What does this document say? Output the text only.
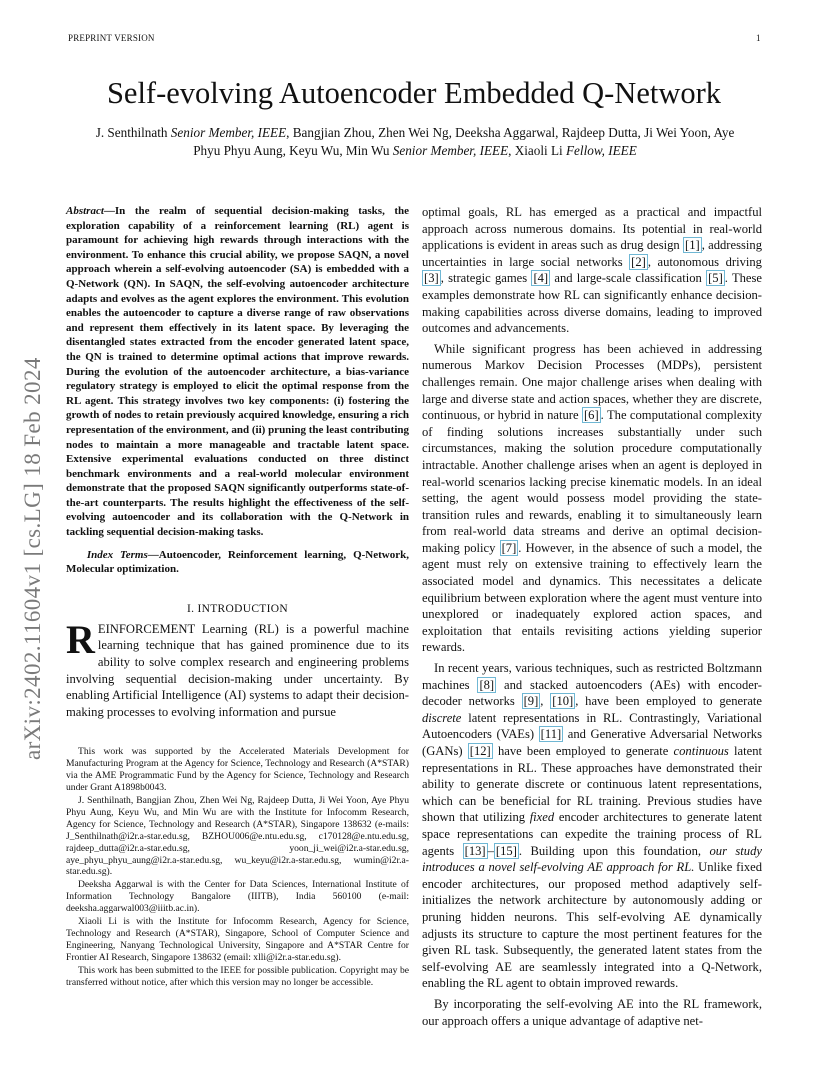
PREPRINT VERSION	1
arXiv:2402.11604v1 [cs.LG] 18 Feb 2024
Self-evolving Autoencoder Embedded Q-Network
J. Senthilnath Senior Member, IEEE, Bangjian Zhou, Zhen Wei Ng, Deeksha Aggarwal, Rajdeep Dutta, Ji Wei Yoon, Aye Phyu Phyu Aung, Keyu Wu, Min Wu Senior Member, IEEE, Xiaoli Li Fellow, IEEE

Abstract—In the realm of sequential decision-making tasks, the exploration capability of a reinforcement learning (RL) agent is paramount for achieving high rewards through interactions with the environment. To enhance this crucial ability, we propose SAQN, a novel approach wherein a self-evolving autoencoder (SA) is embedded with a Q-Network (QN). In SAQN, the self-evolving autoencoder architecture adapts and evolves as the agent explores the environment. This evolution enables the autoencoder to capture a diverse range of raw observations and represent them effectively in its latent space. By leveraging the disentangled states extracted from the encoder generated latent space, the QN is trained to determine optimal actions that improve rewards. During the evolution of the autoencoder architecture, a bias-variance regulatory strategy is employed to elicit the optimal response from the RL agent. This strategy involves two key components: (i) fostering the growth of nodes to retain previously acquired knowledge, ensuring a rich representation of the environment, and (ii) pruning the least contributing nodes to maintain a more manageable and tractable latent space. Extensive experimental evaluations conducted on three distinct benchmark environments and a real-world molecular environment demonstrate that the proposed SAQN significantly outperforms state-of-the-art counterparts. The results highlight the effectiveness of the self-evolving autoencoder and its collaboration with the Q-Network in tackling sequential decision-making tasks.

Index Terms—Autoencoder, Reinforcement learning, Q-Network, Molecular optimization.

I. INTRODUCTION

REINFORCEMENT Learning (RL) is a powerful machine learning technique that has gained prominence due to its ability to solve complex research and engineering problems involving sequential decision-making under uncertainty. By enabling Artificial Intelligence (AI) systems to adapt their decision-making processes to evolving information and pursue

This work was supported by the Accelerated Materials Development for Manufacturing Program at the Agency for Science, Technology and Research (A*STAR) via the AME Programmatic Fund by the Agency for Science, Technology and Research under Grant A1898b0043.

J. Senthilnath, Bangjian Zhou, Zhen Wei Ng, Rajdeep Dutta, Ji Wei Yoon, Aye Phyu Phyu Aung, Keyu Wu, and Min Wu are with the Institute for Infocomm Research, Agency for Science, Technology and Research (A*STAR), Singapore 138632 (e-mails: J_Senthilnath@i2r.a-star.edu.sg, BZHOU006@e.ntu.edu.sg, c170128@e.ntu.edu.sg, rajdeep_dutta@i2r.a-star.edu.sg, yoon_ji_wei@i2r.a-star.edu.sg, aye_phyu_phyu_aung@i2r.a-star.edu.sg, wu_keyu@i2r.a-star.edu.sg, wumin@i2r.a-star.edu.sg).

Deeksha Aggarwal is with the Center for Data Sciences, International Institute of Information Technology Bangalore (IIITB), India 560100 (e-mail: deeksha.aggarwal003@iiitb.ac.in).

Xiaoli Li is with the Institute for Infocomm Research, Agency for Science, Technology and Research (A*STAR), Singapore, School of Computer Science and Engineering, Nanyang Technological University, Singapore and A*STAR Centre for Frontier AI Research, Singapore 138632 (email: xlli@i2r.a-star.edu.sg).

This work has been submitted to the IEEE for possible publication. Copyright may be transferred without notice, after which this version may no longer be accessible.

optimal goals, RL has emerged as a practical and impactful approach across numerous domains. Its potential in real-world applications is evident in areas such as drug design [1] , addressing uncertainties in large social networks [2] , autonomous driving [3] , strategic games [4] and large-scale classification [5] . These examples demonstrate how RL can significantly enhance decision-making capabilities across diverse domains, leading to improved outcomes and advancements.

While significant progress has been achieved in addressing numerous Markov Decision Processes (MDPs), persistent challenges remain. One major challenge arises when dealing with large and diverse state and action spaces, whether they are discrete, continuous, or hybrid in nature [6] . The computational complexity of finding solutions increases substantially under such circumstances, making the solution procedure computationally intractable. Another challenge arises when an agent is deployed in real-world scenarios lacking precise kinematic models. In an ideal setting, the agent would possess model providing the state-transition rules and rewards, enabling it to simultaneously learn from real-world data streams and derive an optimal decision-making policy [7] . However, in the absence of such a model, the agent must rely on extensive training to effectively learn the associated model and dynamics. This necessitates a delicate equilibrium between exploration where the agent must venture into unexplored or inadequately explored action spaces, and exploitation that entails revisiting actions yielding superior rewards.

In recent years, various techniques, such as restricted Boltzmann machines [8] and stacked autoencoders (AEs) with encoder-decoder networks [9] , [10] , have been employed to generate discrete latent representations in RL. Contrastingly, Variational Autoencoders (VAEs) [11] and Generative Adversarial Networks (GANs) [12] have been employed to generate continuous latent representations in RL. These approaches have demonstrated their ability to generate discrete or continuous latent representations, which can be beneficial for RL training. Previous studies have shown that utilizing fixed encoder architectures to generate latent space representations can expedite the training process of RL agents [13] – [15] . Building upon this foundation, our study introduces a novel self-evolving AE approach for RL. Unlike fixed encoder architectures, our proposed method adaptively self-initializes the network architecture by autonomously adding or pruning hidden neurons. This self-evolving AE dynamically adjusts its structure to capture the most pertinent features for the given RL task. Subsequently, the generated latent states from the self-evolving AE are seamlessly integrated into a Q-Network, enabling the RL agent to obtain improved rewards.

By incorporating the self-evolving AE into the RL framework, our approach offers a unique advantage of adaptive net-
